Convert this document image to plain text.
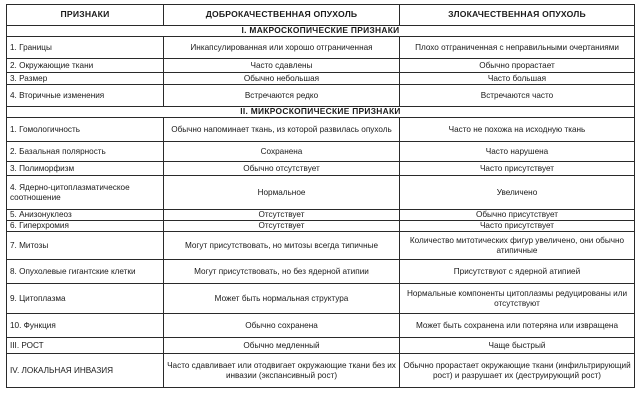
ПРИЗНАКИ	ДОБРОКАЧЕСТВЕННАЯ ОПУХОЛЬ	ЗЛОКАЧЕСТВЕННАЯ ОПУХОЛЬ
I. МАКРОСКОПИЧЕСКИЕ ПРИЗНАКИ		
1. Границы	Инкапсулированная или хорошо отграниченная	Плохо отграниченная с неправильными очертаниями
2. Окружающие ткани	Часто сдавлены	Обычно прорастает
3. Размер	Обычно небольшая	Часто большая
4. Вторичные изменения	Встречаются редко	Встречаются часто
II. МИКРОСКОПИЧЕСКИЕ ПРИЗНАКИ		
1. Гомологичность	Обычно напоминает ткань, из которой развилась опухоль	Часто не похожа на исходную ткань
2. Базальная полярность	Сохранена	Часто нарушена
3. Полиморфизм	Обычно отсутствует	Часто присутствует
4. Ядерно-цитоплазматическое соотношение	Нормальное	Увеличено
5. Анизонуклеоз	Отсутствует	Обычно присутствует
6. Гиперхромия	Отсутствует	Часто присутствует
7. Митозы	Могут присутствовать, но митозы всегда типичные	Количество митотических фигур увеличено, они обычно атипичные
8. Опухолевые гигантские клетки	Могут присутствовать, но без ядерной атипии	Присутствуют с ядерной атипией
9. Цитоплазма	Может быть нормальная структура	Нормальные компоненты цитоплазмы редуцированы или отсутствуют
10. Функция	Обычно сохранена	Может быть сохранена или потеряна или извращена
III. РОСТ	Обычно медленный	Чаще быстрый
IV. ЛОКАЛЬНАЯ ИНВАЗИЯ	Часто сдавливает или отодвигает окружающие ткани без их инвазии (экспансивный рост)	Обычно прорастает окружающие ткани (инфильтрирующий рост) и разрушает их (деструирующий рост)
